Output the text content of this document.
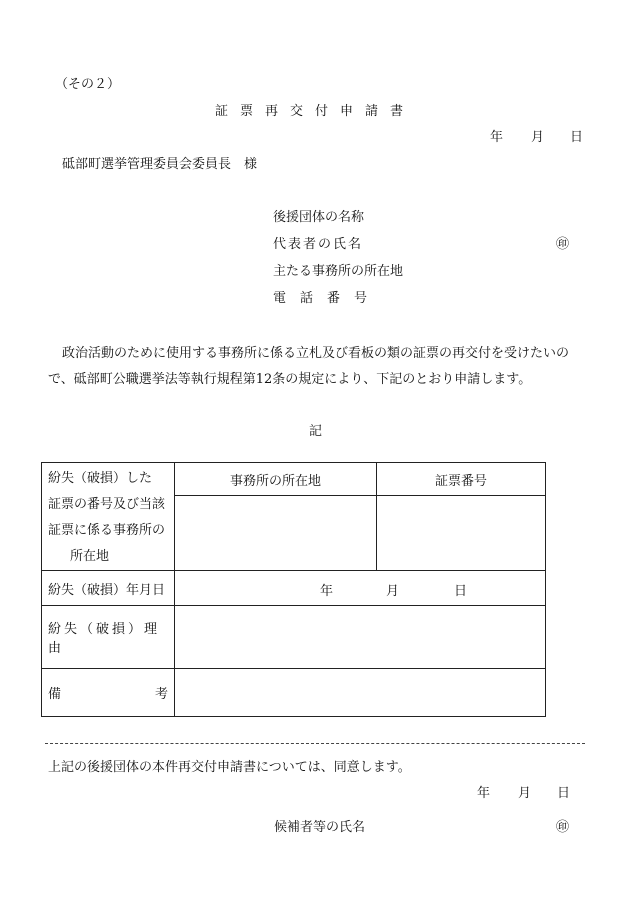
（その２）
証票再交付申請書
年 月 日
砥部町選挙管理委員会委員長　様
後援団体の名称
代表者の氏名	㊞
主たる事務所の所在地
電話番号
政治活動のために使用する事務所に係る立札及び看板の類の証票の再交付を受けたいの
で、砥部町公職選挙法等執行規程第12条の規定により、下記のとおり申請します。
記
紛失（破損）した
証票の番号及び当該
証票に係る事務所の
所在地	事務所の所在地	証票番号

紛失（破損）年月日	年 月 日	

紛失（破損）理由		

備 考		

上記の後援団体の本件再交付申請書については、同意します。
年 月 日
候補者等の氏名	㊞
